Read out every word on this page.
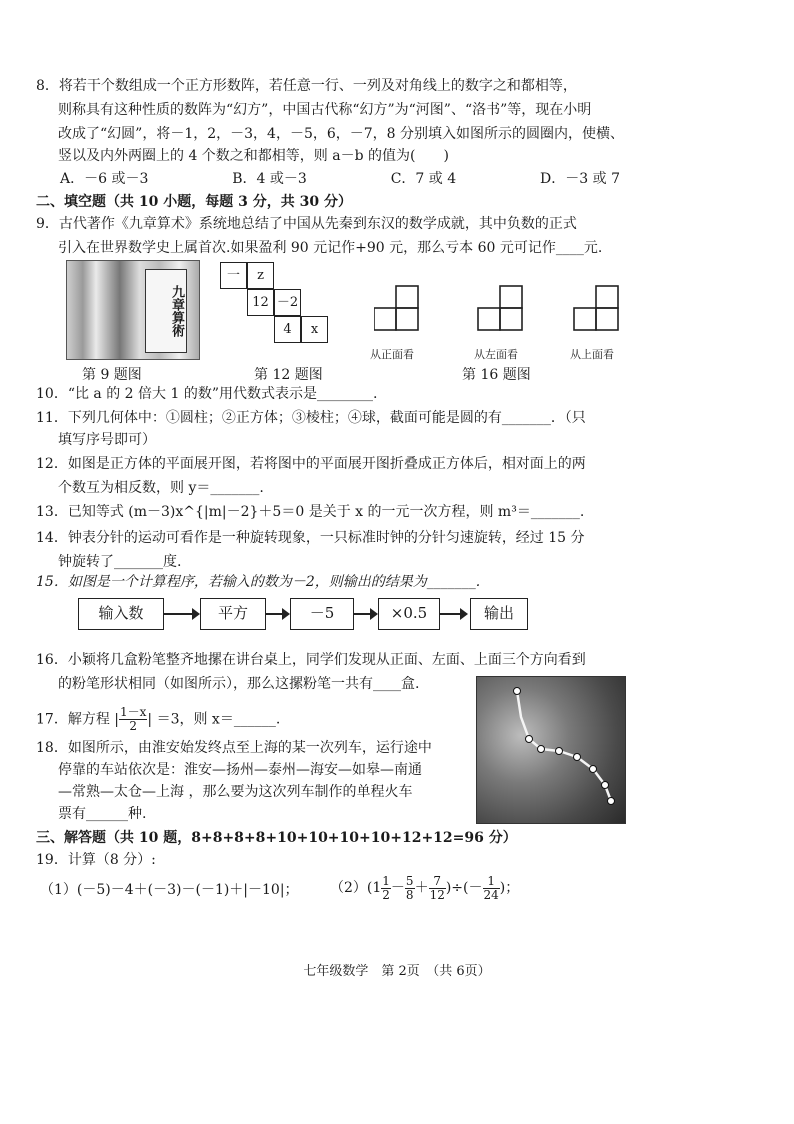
8．将若干个数组成一个正方形数阵，若任意一行、一列及对角线上的数字之和都相等，
则称具有这种性质的数阵为“幻方”，中国古代称“幻方”为“河图”、“洛书”等，现在小明
改成了“幻圆”，将－1，2，－3，4，－5，6，－7，8 分别填入如图所示的圆圈内，使横、
竖以及内外两圈上的 4 个数之和都相等，则 a－b 的值为(　　)
A．－6 或－3	B．4 或－3	C．7 或 4	D．－3 或 7
二、填空题（共 10 小题，每题 3 分，共 30 分）
9．古代著作《九章算术》系统地总结了中国从先秦到东汉的数学成就，其中负数的正式
引入在世界数学史上属首次.如果盈利 90 元记作+90 元，那么亏本 60 元可记作____元.
九章算術
第 9 题图
一	z
12 －2
4	x
第 12 题图
从正面看	从左面看	从上面看
第 16 题图
10．“比 a 的 2 倍大 1 的数”用代数式表示是________.
11．下列几何体中：①圆柱；②正方体；③棱柱；④球，截面可能是圆的有_______．（只
填写序号即可）
12．如图是正方体的平面展开图，若将图中的平面展开图折叠成正方体后，相对面上的两
个数互为相反数，则 y＝_______.
13．已知等式 (m－3)x^{|m|－2}＋5＝0 是关于 x 的一元一次方程，则 m³＝_______.
14．钟表分针的运动可看作是一种旋转现象，一只标准时钟的分针匀速旋转，经过 15 分
钟旋转了_______度.
15．如图是一个计算程序，若输入的数为－2，则输出的结果为_______.
输入数	平方	－5	×0.5	输出
16．小颖将几盒粉笔整齐地摞在讲台桌上，同学们发现从正面、左面、上面三个方向看到
的粉笔形状相同（如图所示），那么这摞粉笔一共有____盒.
17．解方程 | $\frac{1-x}{2}$ | ＝3，则 x＝______.
18．如图所示，由淮安始发终点至上海的某一次列车，运行途中
停靠的车站依次是：淮安—扬州—泰州—海安—如皋—南通
—常熟—太仓—上海 ，那么要为这次列车制作的单程火车
票有______种.
三、解答题（共 10 题，8+8+8+8+10+10+10+10+12+12=96 分）
19．计算（8 分）:
（1）(－5)－4＋(－3)－(－1)＋|－10|； $(2)(1 \frac{1}{2} - \frac{5}{8} + \frac{7}{12}$ )÷(－ $\frac{1}{24}$ )；
七年级数学　第 2页　（共 6页）
